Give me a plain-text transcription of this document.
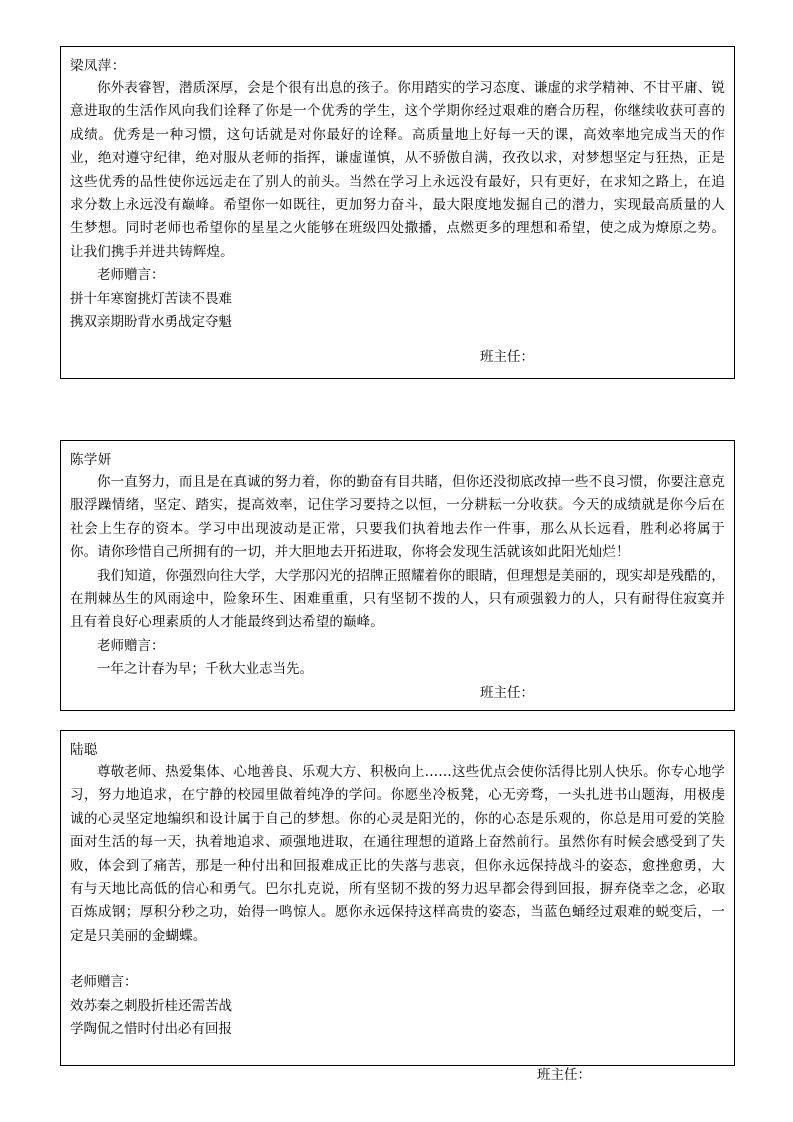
梁凤萍：

你外表睿智，潜质深厚，会是个很有出息的孩子。你用踏实的学习态度、谦虚的求学精神、不甘平庸、锐意进取的生活作风向我们诠释了你是一个优秀的学生，这个学期你经过艰难的磨合历程，你继续收获可喜的成绩。优秀是一种习惯，这句话就是对你最好的诠释。高质量地上好每一天的课，高效率地完成当天的作业，绝对遵守纪律，绝对服从老师的指挥，谦虚谨慎，从不骄傲自满，孜孜以求，对梦想坚定与狂热，正是这些优秀的品性使你远远走在了别人的前头。当然在学习上永远没有最好，只有更好，在求知之路上，在追求分数上永远没有巅峰。希望你一如既往，更加努力奋斗，最大限度地发掘自己的潜力，实现最高质量的人生梦想。同时老师也希望你的星星之火能够在班级四处撒播，点燃更多的理想和希望，使之成为燎原之势。让我们携手并进共铸辉煌。

老师赠言：

拼十年寒窗挑灯苦读不畏难

携双亲期盼背水勇战定夺魁

班主任：

陈学妍

你一直努力，而且是在真诚的努力着，你的勤奋有目共睹，但你还没彻底改掉一些不良习惯，你要注意克服浮躁情绪，坚定、踏实，提高效率，记住学习要持之以恒，一分耕耘一分收获。今天的成绩就是你今后在社会上生存的资本。学习中出现波动是正常，只要我们执着地去作一件事，那么从长远看，胜利必将属于你。请你珍惜自己所拥有的一切，并大胆地去开拓进取，你将会发现生活就该如此阳光灿烂！

我们知道，你强烈向往大学，大学那闪光的招牌正照耀着你的眼睛，但理想是美丽的，现实却是残酷的，在荆棘丛生的风雨途中，险象环生、困难重重，只有坚韧不拨的人，只有顽强毅力的人，只有耐得住寂寞并且有着良好心理素质的人才能最终到达希望的巅峰。

老师赠言：

一年之计春为早；千秋大业志当先。

班主任：

陆聪

尊敬老师、热爱集体、心地善良、乐观大方、积极向上……这些优点会使你活得比别人快乐。你专心地学习，努力地追求，在宁静的校园里做着纯净的学问。你愿坐冷板凳，心无旁骛，一头扎进书山题海，用极虔诚的心灵坚定地编织和设计属于自己的梦想。你的心灵是阳光的，你的心态是乐观的，你总是用可爱的笑脸面对生活的每一天，执着地追求、顽强地进取，在通往理想的道路上奋然前行。虽然你有时候会感受到了失败，体会到了痛苦，那是一种付出和回报难成正比的失落与悲哀，但你永远保持战斗的姿态，愈挫愈勇，大有与天地比高低的信心和勇气。巴尔扎克说，所有坚韧不拨的努力迟早都会得到回报，摒弃侥幸之念，必取百炼成钢；厚积分秒之功，始得一鸣惊人。愿你永远保持这样高贵的姿态，当蓝色蛹经过艰难的蜕变后，一定是只美丽的金蝴蝶。

老师赠言：

效苏秦之刺股折桂还需苦战

学陶侃之惜时付出必有回报

班主任：
